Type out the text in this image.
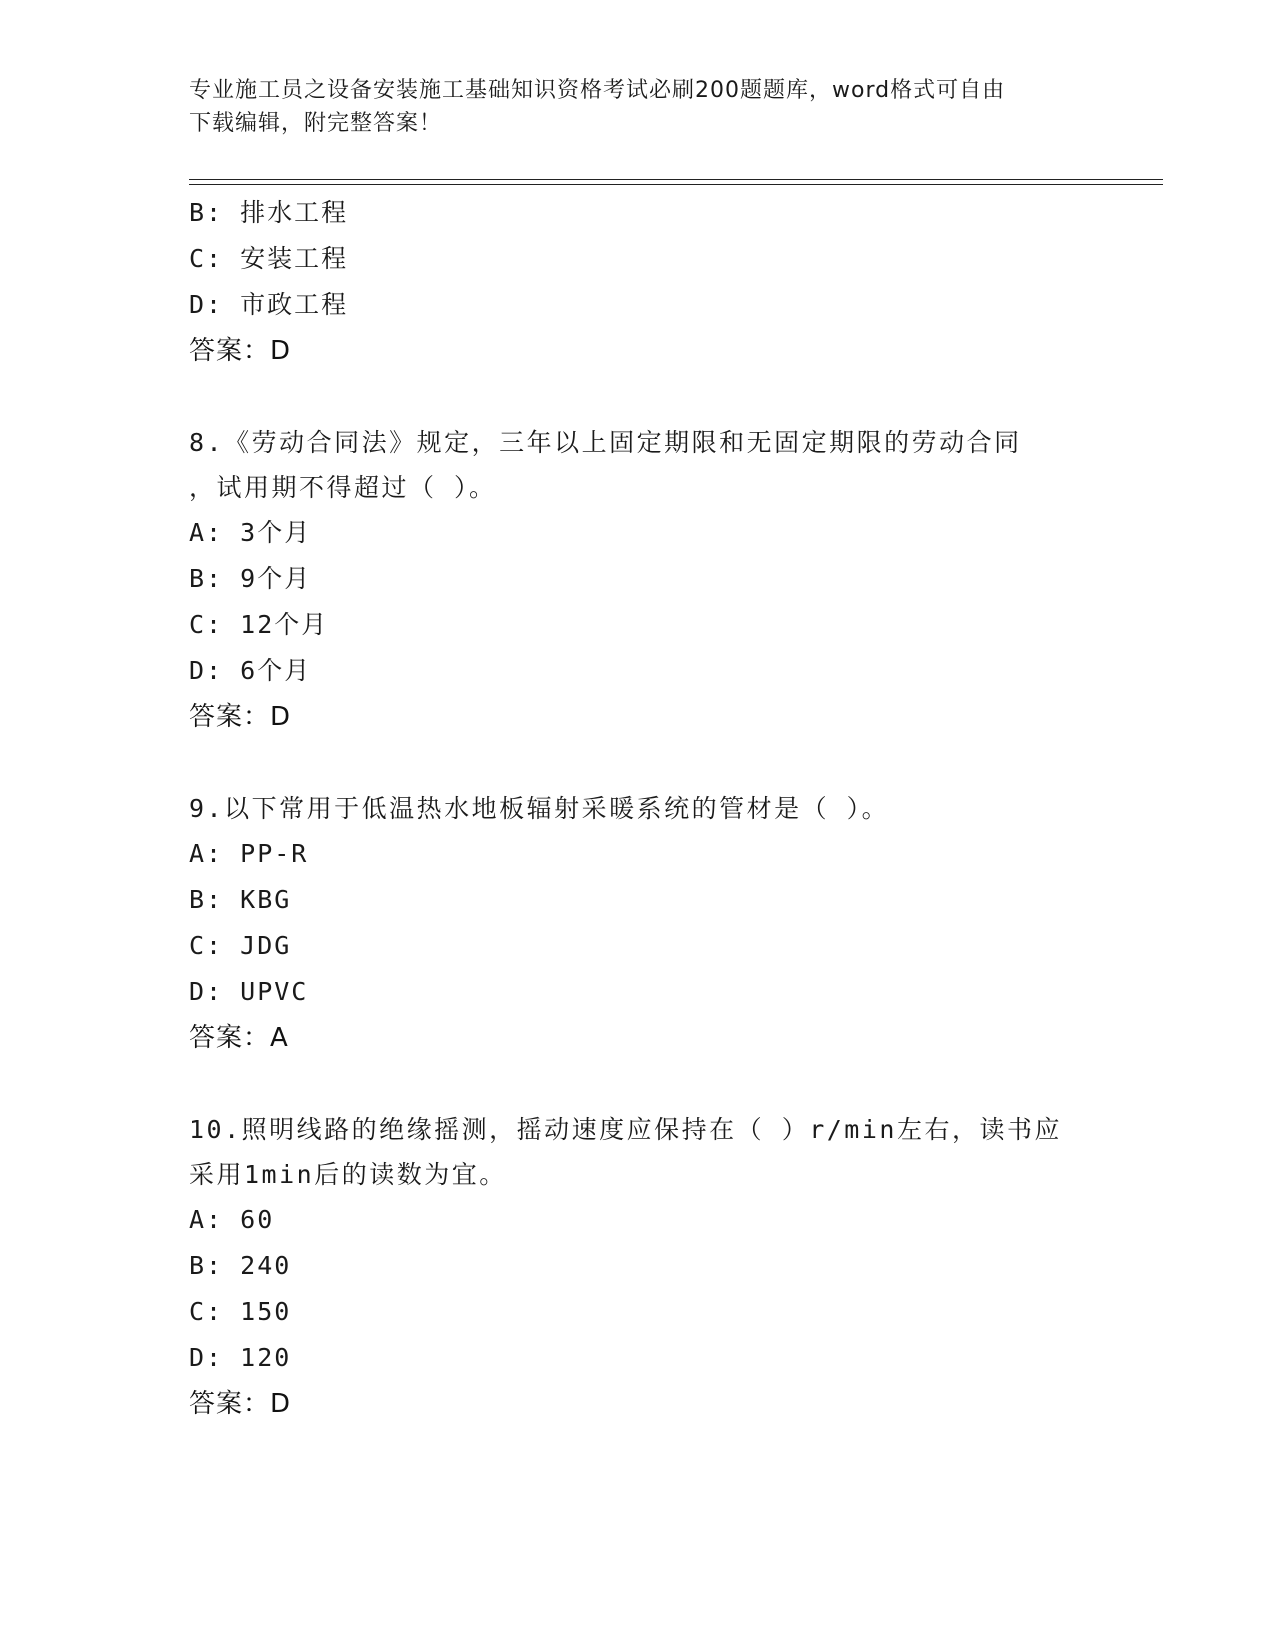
专业施工员之设备安装施工基础知识资格考试必刷200题题库，word格式可自由
下载编辑，附完整答案！
B: 排水工程
C: 安装工程
D: 市政工程
答案：D
8.《劳动合同法》规定，三年以上固定期限和无固定期限的劳动合同
，试用期不得超过（ ）。
A: 3个月
B: 9个月
C: 12个月
D: 6个月
答案：D
9.以下常用于低温热水地板辐射采暖系统的管材是（ ）。
A: PP-R
B: KBG
C: JDG
D: UPVC
答案：A
10.照明线路的绝缘摇测，摇动速度应保持在（ ）r/min左右，读书应
采用1min后的读数为宜。
A: 60
B: 240
C: 150
D: 120
答案：D
